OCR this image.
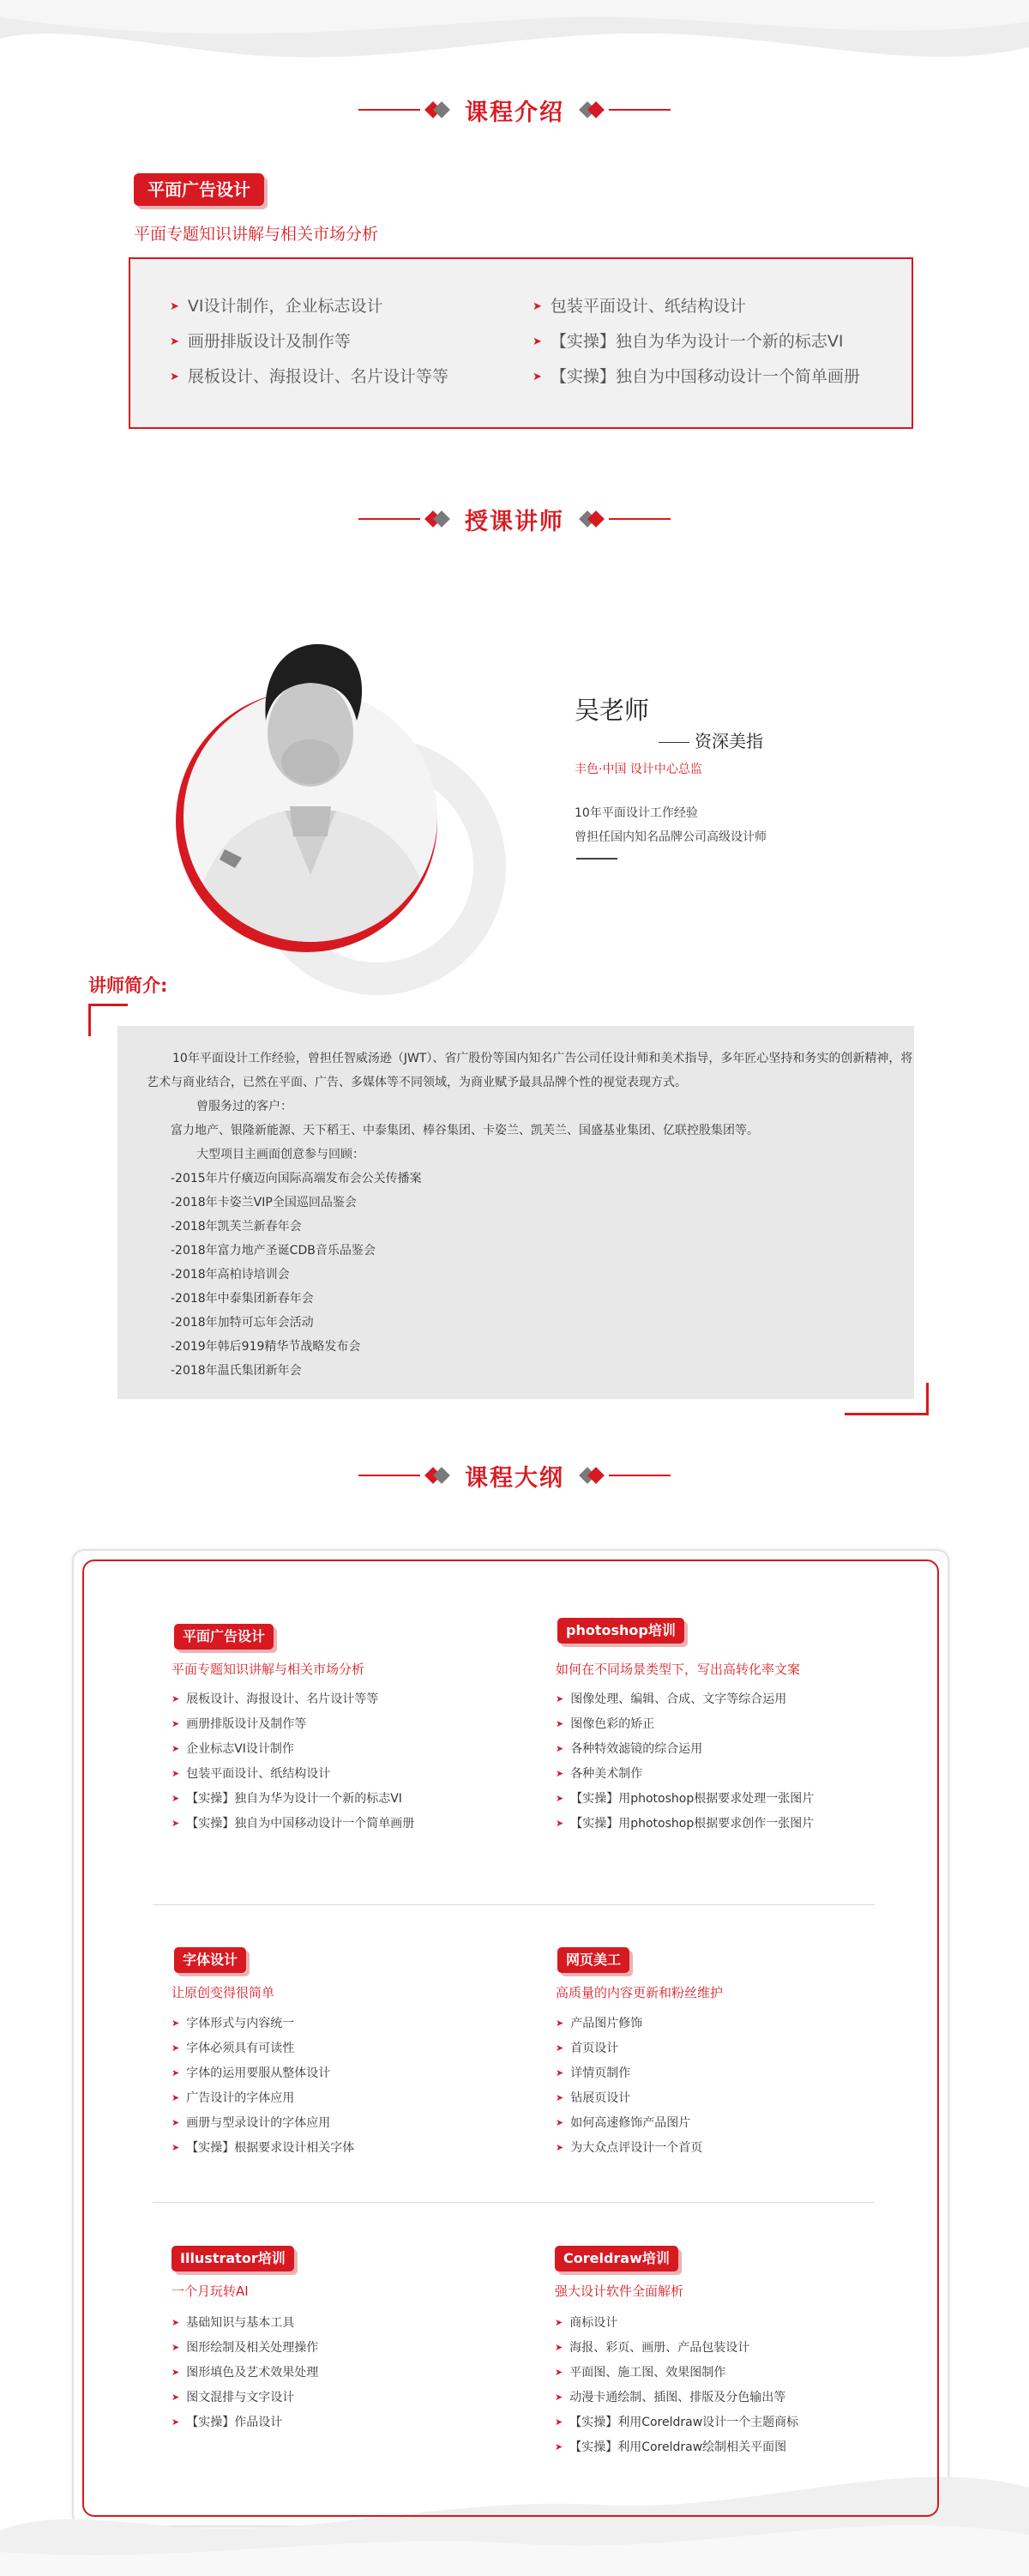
课程介绍
平面广告设计
平面专题知识讲解与相关市场分析
➤ VI设计制作，企业标志设计
➤ 画册排版设计及制作等
➤ 展板设计、海报设计、名片设计等等
➤ 包装平面设计、纸结构设计
➤ 【实操】独自为华为设计一个新的标志VI
➤ 【实操】独自为中国移动设计一个简单画册
授课讲师
吴老师
资深美指
丰色·中国 设计中心总监
10年平面设计工作经验
曾担任国内知名品牌公司高级设计师
讲师简介:
10年平面设计工作经验，曾担任智威汤逊（JWT）、省广股份等国内知名广告公司任设计师和美术指导，多年匠心坚持和务实的创新精神，将艺术与商业结合，已然在平面、广告、多媒体等不同领域，为商业赋予最具品牌个性的视觉表现方式。
曾服务过的客户：
富力地产、银隆新能源、天下稻王、中泰集团、棒谷集团、卡姿兰、凯芙兰、国盛基业集团、亿联控股集团等。
大型项目主画面创意参与回顾：
-2015年片仔癀迈向国际高端发布会公关传播案
-2018年卡姿兰VIP全国巡回品鉴会
-2018年凯芙兰新春年会
-2018年富力地产圣诞CDB音乐品鉴会
-2018年高柏诗培训会
-2018年中泰集团新春年会
-2018年加特可忘年会活动
-2019年韩后919精华节战略发布会
-2018年温氏集团新年会
课程大纲
平面广告设计
平面专题知识讲解与相关市场分析
➤ 展板设计、海报设计、名片设计等等
➤ 画册排版设计及制作等
➤ 企业标志VI设计制作
➤ 包装平面设计、纸结构设计
➤ 【实操】独自为华为设计一个新的标志VI
➤ 【实操】独自为中国移动设计一个简单画册
photoshop培训
如何在不同场景类型下，写出高转化率文案
➤ 图像处理、编辑、合成、文字等综合运用
➤ 图像色彩的矫正
➤ 各种特效滤镜的综合运用
➤ 各种美术制作
➤ 【实操】用photoshop根据要求处理一张图片
➤ 【实操】用photoshop根据要求创作一张图片
字体设计
让原创变得很简单
➤ 字体形式与内容统一
➤ 字体必须具有可读性
➤ 字体的运用要服从整体设计
➤ 广告设计的字体应用
➤ 画册与型录设计的字体应用
➤ 【实操】根据要求设计相关字体
网页美工
高质量的内容更新和粉丝维护
➤ 产品图片修饰
➤ 首页设计
➤ 详情页制作
➤ 钻展页设计
➤ 如何高速修饰产品图片
➤ 为大众点评设计一个首页
Illustrator培训
一个月玩转AI
➤ 基础知识与基本工具
➤ 图形绘制及相关处理操作
➤ 图形填色及艺术效果处理
➤ 图文混排与文字设计
➤ 【实操】作品设计
Coreldraw培训
强大设计软件全面解析
➤ 商标设计
➤ 海报、彩页、画册、产品包装设计
➤ 平面图、施工图、效果图制作
➤ 动漫卡通绘制、插图、排版及分色输出等
➤ 【实操】利用Coreldraw设计一个主题商标
➤ 【实操】利用Coreldraw绘制相关平面图
